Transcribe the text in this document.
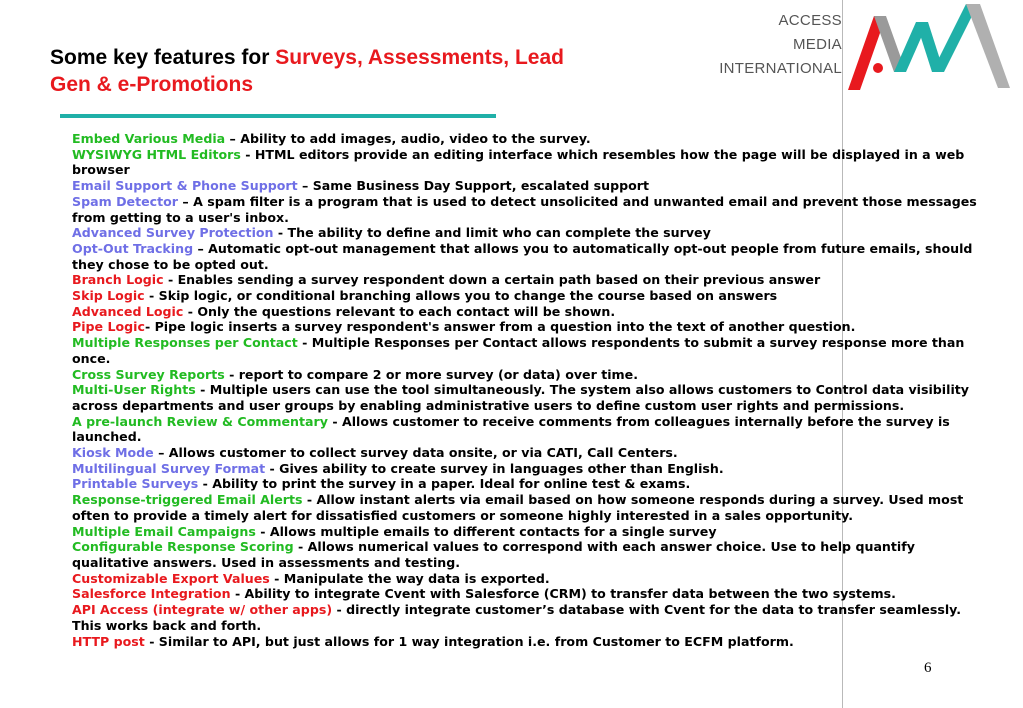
Some key features for Surveys, Assessments, Lead
Gen & e-Promotions
ACCESS
MEDIA
INTERNATIONAL

Embed Various Media – Ability to add images, audio, video to the survey.

WYSIWYG HTML Editors - HTML editors provide an editing interface which resembles how the page will be displayed in a web browser

Email Support & Phone Support – Same Business Day Support, escalated support

Spam Detector – A spam filter is a program that is used to detect unsolicited and unwanted email and prevent those messages from getting to a user's inbox.

Advanced Survey Protection - The ability to define and limit who can complete the survey

Opt-Out Tracking – Automatic opt-out management that allows you to automatically opt-out people from future emails, should they chose to be opted out.

Branch Logic - Enables sending a survey respondent down a certain path based on their previous answer

Skip Logic - Skip logic, or conditional branching allows you to change the course based on answers

Advanced Logic - Only the questions relevant to each contact will be shown.

Pipe Logic- Pipe logic inserts a survey respondent's answer from a question into the text of another question.

Multiple Responses per Contact - Multiple Responses per Contact allows respondents to submit a survey response more than once.

Cross Survey Reports - report to compare 2 or more survey (or data) over time.

Multi-User Rights - Multiple users can use the tool simultaneously. The system also allows customers to Control data visibility across departments and user groups by enabling administrative users to define custom user rights and permissions.

A pre-launch Review & Commentary - Allows customer to receive comments from colleagues internally before the survey is launched.

Kiosk Mode – Allows customer to collect survey data onsite, or via CATI, Call Centers.

Multilingual Survey Format - Gives ability to create survey in languages other than English.

Printable Surveys - Ability to print the survey in a paper. Ideal for online test & exams.

Response-triggered Email Alerts - Allow instant alerts via email based on how someone responds during a survey. Used most often to provide a timely alert for dissatisfied customers or someone highly interested in a sales opportunity.

Multiple Email Campaigns - Allows multiple emails to different contacts for a single survey

Configurable Response Scoring - Allows numerical values to correspond with each answer choice. Use to help quantify qualitative answers. Used in assessments and testing.

Customizable Export Values - Manipulate the way data is exported.

Salesforce Integration - Ability to integrate Cvent with Salesforce (CRM) to transfer data between the two systems.

API Access (integrate w/ other apps) - directly integrate customer’s database with Cvent for the data to transfer seamlessly. This works back and forth.

HTTP post - Similar to API, but just allows for 1 way integration i.e. from Customer to ECFM platform.

6
